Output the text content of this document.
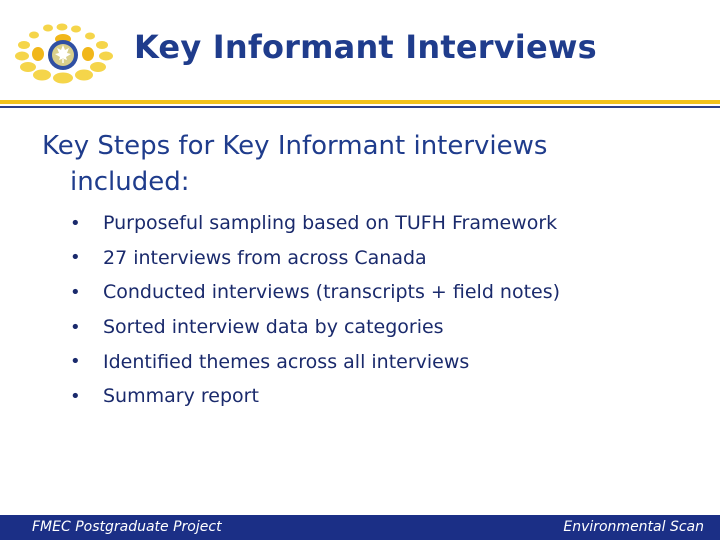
Key Informant Interviews
Key Steps for Key Informant interviews
included:
•	Purposeful sampling based on TUFH Framework
•	27 interviews from across Canada
•	Conducted interviews (transcripts + field notes)
•	Sorted interview data by categories
•	Identified themes across all interviews
•	Summary report
FMEC Postgraduate Project	Environmental Scan
